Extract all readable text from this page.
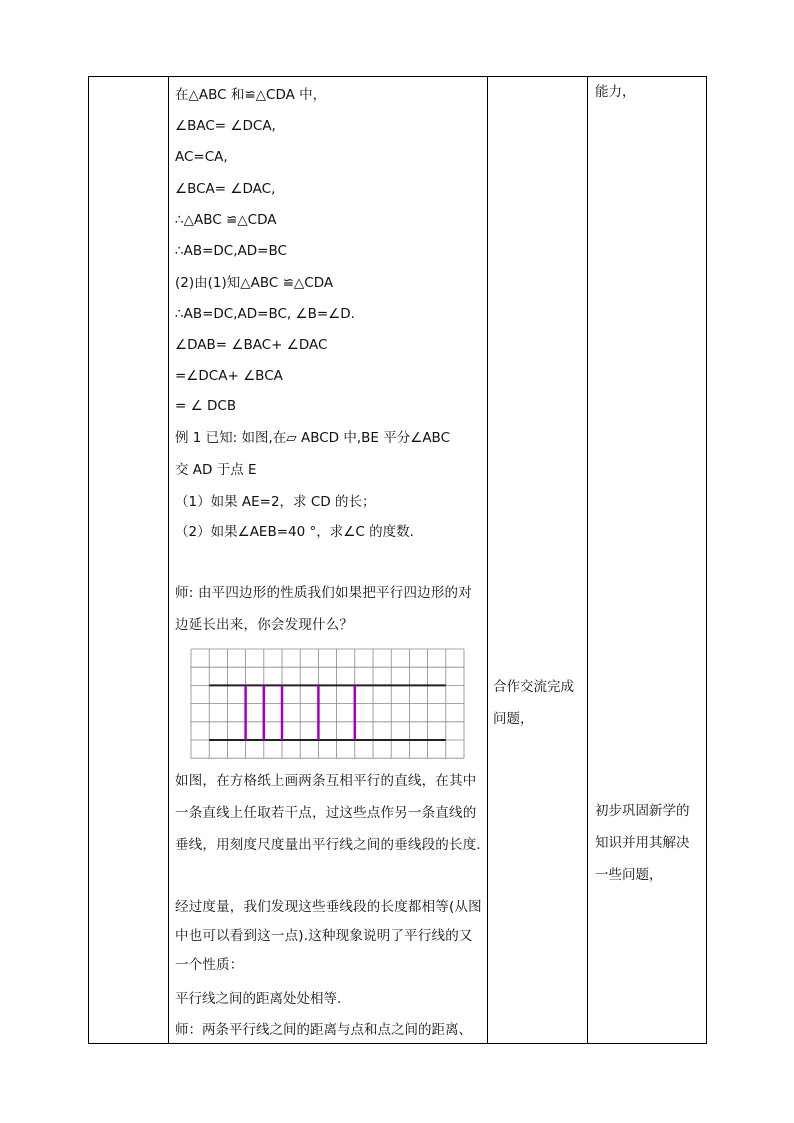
在△ABC 和≌△CDA 中，
∠BAC= ∠DCA,
AC=CA,
∠BCA= ∠DAC,
∴△ABC ≌△CDA
∴AB=DC,AD=BC
(2)由(1)知△ABC ≌△CDA
∴AB=DC,AD=BC, ∠B=∠D.
∠DAB= ∠BAC+ ∠DAC
=∠DCA+ ∠BCA
= ∠ DCB
例 1 已知: 如图,在▱ ABCD 中,BE 平分∠ABC
交 AD 于点 E
（1）如果 AE=2，求 CD 的长；
（2）如果∠AEB=40 °，求∠C 的度数.
师: 由平四边形的性质我们如果把平行四边形的对边延长出来，你会发现什么？
如图，在方格纸上画两条互相平行的直线，在其中一条直线上任取若干点，过这些点作另一条直线的垂线，用刻度尺度量出平行线之间的垂线段的长度.
经过度量，我们发现这些垂线段的长度都相等(从图中也可以看到这一点).这种现象说明了平行线的又一个性质：
平行线之间的距离处处相等.
师：两条平行线之间的距离与点和点之间的距离、
合作交流完成问题，
能力，
初步巩固新学的知识并用其解决一些问题，
